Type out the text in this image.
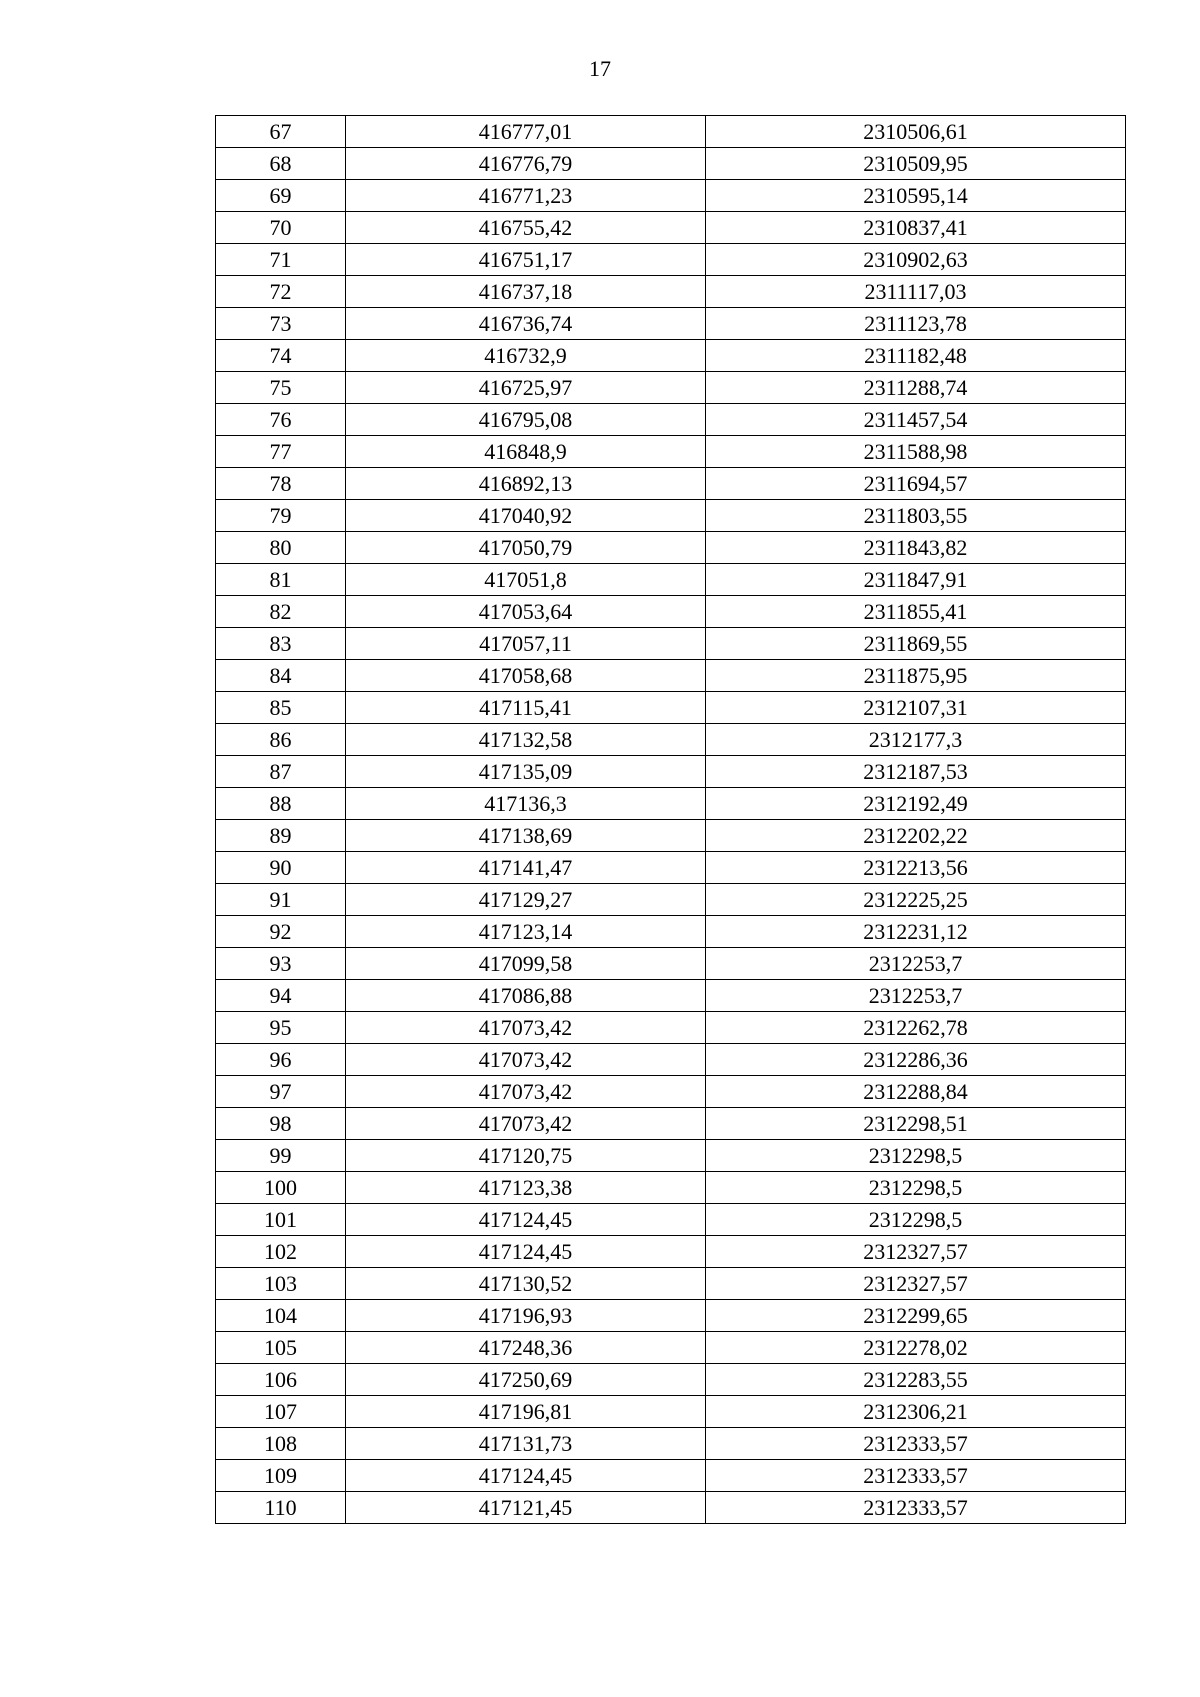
17
67	416777,01	2310506,61
68	416776,79	2310509,95
69	416771,23	2310595,14
70	416755,42	2310837,41
71	416751,17	2310902,63
72	416737,18	2311117,03
73	416736,74	2311123,78
74	416732,9	2311182,48
75	416725,97	2311288,74
76	416795,08	2311457,54
77	416848,9	2311588,98
78	416892,13	2311694,57
79	417040,92	2311803,55
80	417050,79	2311843,82
81	417051,8	2311847,91
82	417053,64	2311855,41
83	417057,11	2311869,55
84	417058,68	2311875,95
85	417115,41	2312107,31
86	417132,58	2312177,3
87	417135,09	2312187,53
88	417136,3	2312192,49
89	417138,69	2312202,22
90	417141,47	2312213,56
91	417129,27	2312225,25
92	417123,14	2312231,12
93	417099,58	2312253,7
94	417086,88	2312253,7
95	417073,42	2312262,78
96	417073,42	2312286,36
97	417073,42	2312288,84
98	417073,42	2312298,51
99	417120,75	2312298,5
100	417123,38	2312298,5
101	417124,45	2312298,5
102	417124,45	2312327,57
103	417130,52	2312327,57
104	417196,93	2312299,65
105	417248,36	2312278,02
106	417250,69	2312283,55
107	417196,81	2312306,21
108	417131,73	2312333,57
109	417124,45	2312333,57
110	417121,45	2312333,57
